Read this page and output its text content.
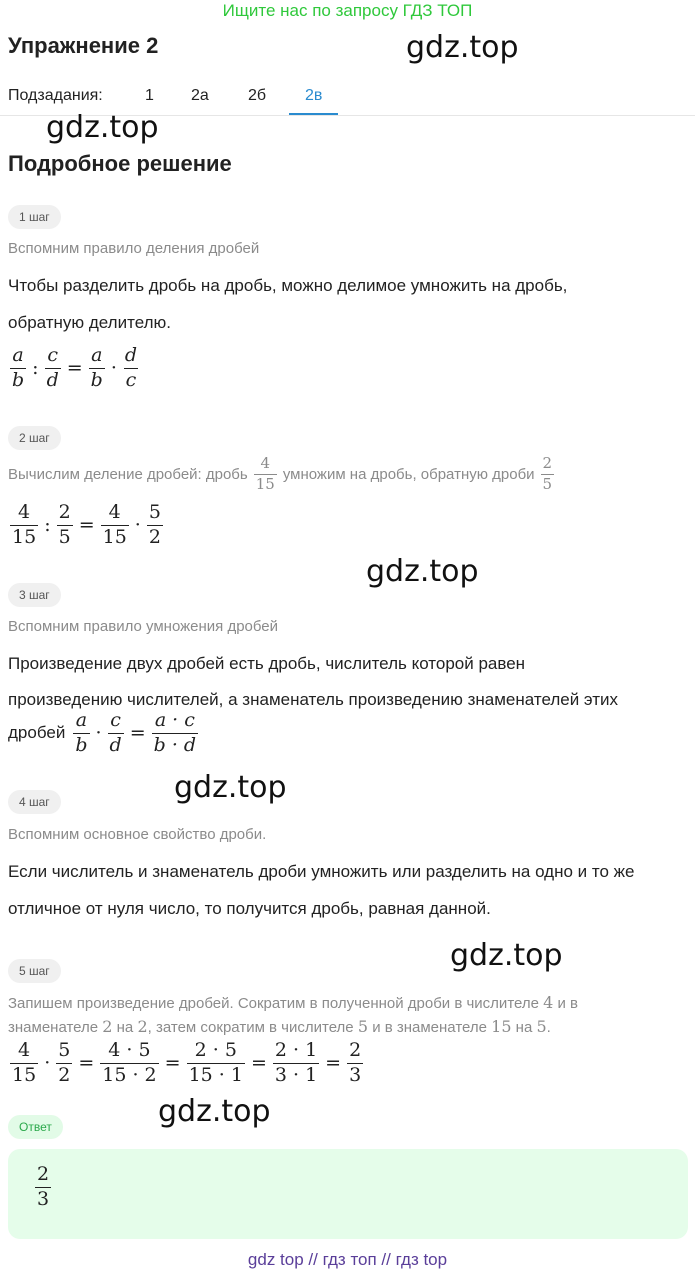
Ищите нас по запросу ГДЗ ТОП
Упражнение 2	gdz.top
Подзадания:	1 2а 2б 2в
gdz.top
Подробное решение
1 шаг
Вспомним правило деления дробей
Чтобы разделить дробь на дробь, можно делимое умножить на дробь,
обратную делителю.
$\frac{a}{b}$ : $\frac{c}{d} = \frac{a}{b} \cdot \frac{d}{c}$
2 шаг
Вычислим деление дробей: дробь $\frac{4}{15}$ умножим на дробь, обратную дроби $\frac{2}{5}$
$\frac{4}{15}$ : $\frac{2}{5} = \frac{4}{15} \cdot \frac{5}{2}$
gdz.top
3 шаг
Вспомним правило умножения дробей
Произведение двух дробей есть дробь, числитель которой равен
произведению числителей, а знаменатель произведению знаменателей этих
дробей $\frac{a}{b} \cdot \frac{c}{d} = \frac{a \cdot c}{b \cdot d}$
gdz.top
4 шаг
Вспомним основное свойство дроби.
Если числитель и знаменатель дроби умножить или разделить на одно и то же
отличное от нуля число, то получится дробь, равная данной.
gdz.top
5 шаг
Запишем произведение дробей. Сократим в полученной дроби в числителе 4 и в
знаменателе 2 на 2, затем сократим в числителе 5 и в знаменателе 15 на 5.
$\frac{4}{15} \cdot \frac{5}{2} = \frac{4 \cdot 5}{15 \cdot 2} = \frac{2 \cdot 5}{15 \cdot 1} = \frac{2 \cdot 1}{3 \cdot 1} = \frac{2}{3}$
gdz.top
Ответ
$\frac{2}{3}$
gdz top // гдз топ // гдз top
